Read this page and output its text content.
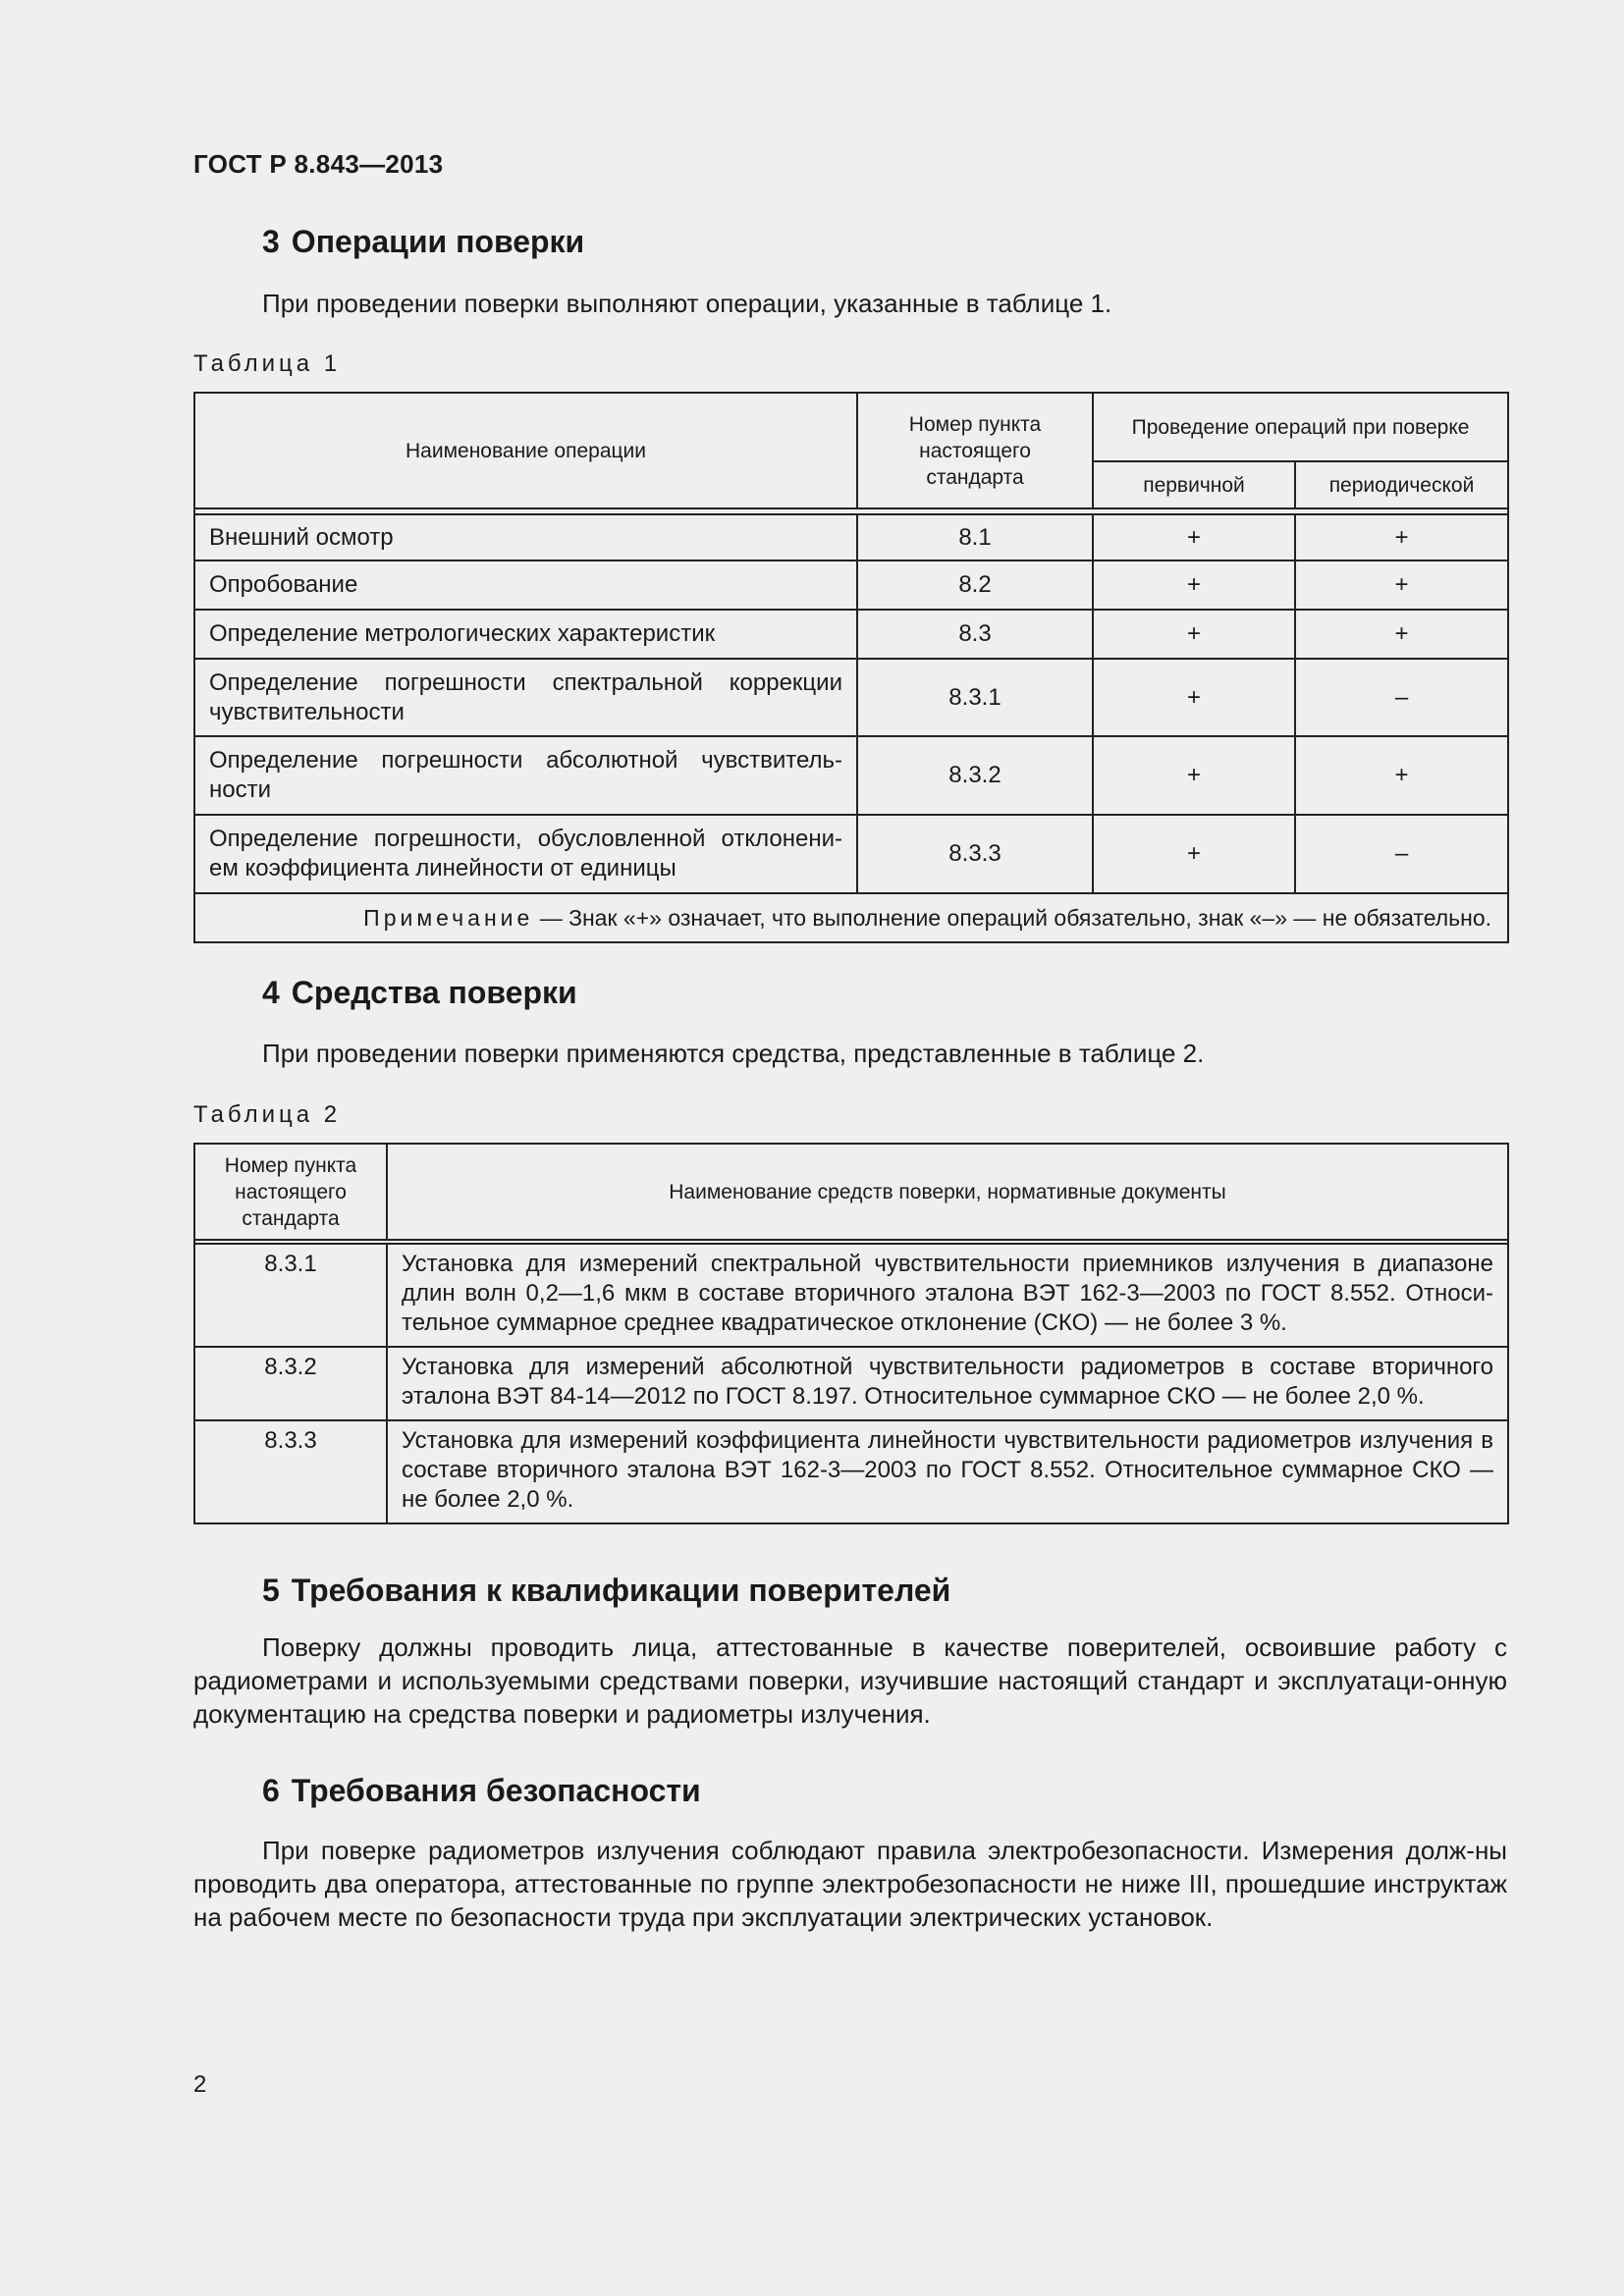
ГОСТ Р 8.843—2013
3 Операции поверки
При проведении поверки выполняют операции, указанные в таблице 1.
Таблица 1
Наименование операции	Номер пункта настоящего стандарта	Проведение операций при поверке	
		первичной	периодической

Внешний осмотр	8.1	+	+
Опробование	8.2	+	+
Определение метрологических характеристик	8.3	+	+
Определение погрешности спектральной коррекции чувствительности	8.3.1	+	–
Определение погрешности абсолютной чувствитель-ности	8.3.2	+	+
Определение погрешности, обусловленной отклонени-ем коэффициента линейности от единицы	8.3.3	+	–
Примечание — Знак «+» означает, что выполнение операций обязательно, знак «–» — не обязательно.			
4 Средства поверки
При проведении поверки применяются средства, представленные в таблице 2.
Таблица 2
Номер пункта настоящего стандарта	Наименование средств поверки, нормативные документы

8.3.1	Установка для измерений спектральной чувствительности приемников излучения в диапазоне длин волн 0,2—1,6 мкм в составе вторичного эталона ВЭТ 162-3—2003 по ГОСТ 8.552. Относи-тельное суммарное среднее квадратическое отклонение (СКО) — не более 3 %.
8.3.2	Установка для измерений абсолютной чувствительности радиометров в составе вторичного эталона ВЭТ 84-14—2012 по ГОСТ 8.197. Относительное суммарное СКО — не более 2,0 %.
8.3.3	Установка для измерений коэффициента линейности чувствительности радиометров излучения в составе вторичного эталона ВЭТ 162-3—2003 по ГОСТ 8.552. Относительное суммарное СКО — не более 2,0 %.
5 Требования к квалификации поверителей
Поверку должны проводить лица, аттестованные в качестве поверителей, освоившие работу с радиометрами и используемыми средствами поверки, изучившие настоящий стандарт и эксплуатаци-онную документацию на средства поверки и радиометры излучения.
6 Требования безопасности
При поверке радиометров излучения соблюдают правила электробезопасности. Измерения долж-ны проводить два оператора, аттестованные по группе электробезопасности не ниже III, прошедшие инструктаж на рабочем месте по безопасности труда при эксплуатации электрических установок.
2
